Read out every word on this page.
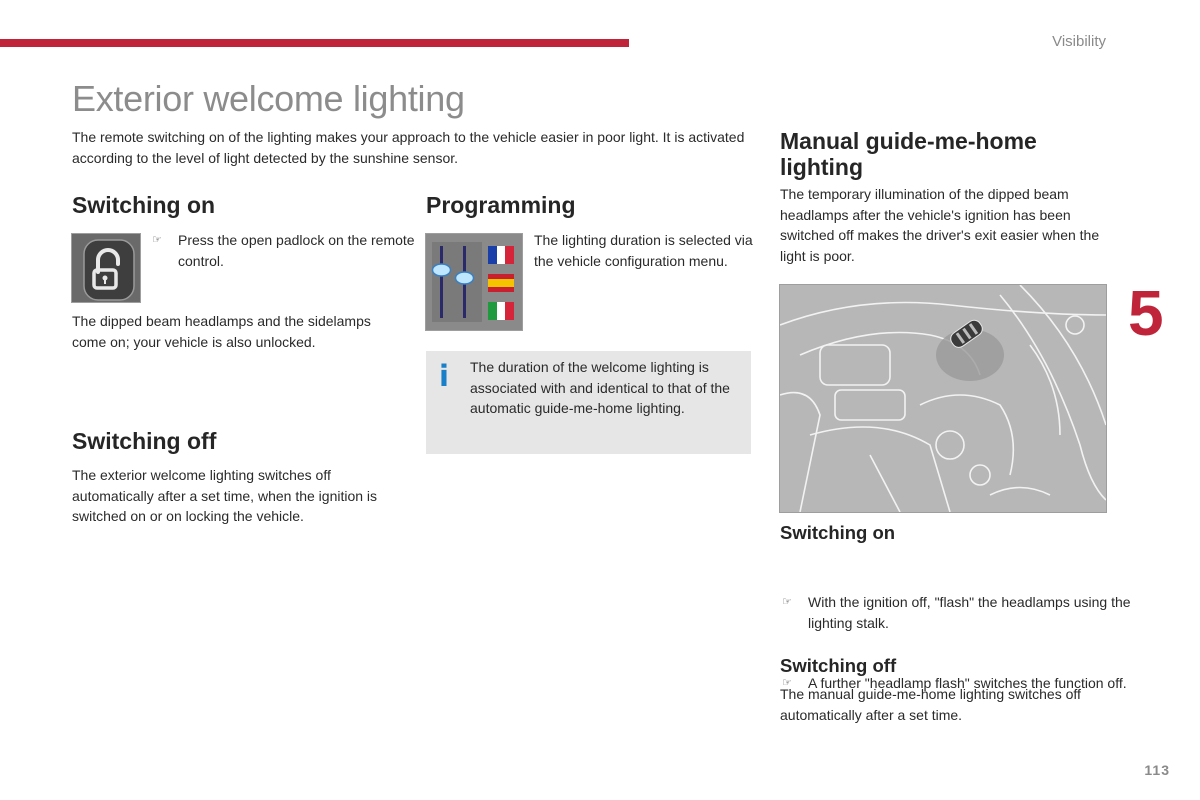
Visibility
Exterior welcome lighting

The remote switching on of the lighting makes your approach to the vehicle easier in poor light. It is activated according to the level of light detected by the sunshine sensor.

Switching on
☞ Press the open padlock on the remote control.

The dipped beam headlamps and the sidelamps come on; your vehicle is also unlocked.

Switching off

The exterior welcome lighting switches off automatically after a set time, when the ignition is switched on or on locking the vehicle.

Programming

The lighting duration is selected via the vehicle configuration menu.

i The duration of the welcome lighting is associated with and identical to that of the automatic guide-me-home lighting.

Manual guide-me-home lighting

The temporary illumination of the dipped beam headlamps after the vehicle's ignition has been switched off makes the driver's exit easier when the light is poor.

Switching on
☞ With the ignition off, "flash" the headlamps using the lighting stalk.
☞ A further "headlamp flash" switches the function off.
Switching off

The manual guide-me-home lighting switches off automatically after a set time.

5
113
